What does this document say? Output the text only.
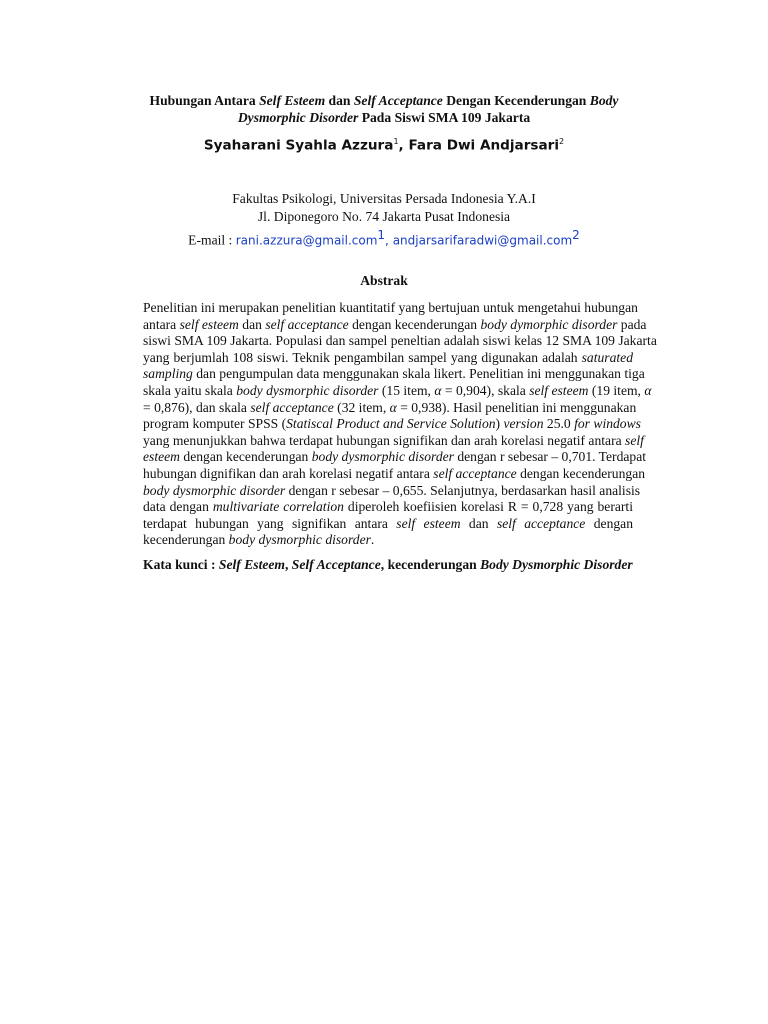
Hubungan Antara Self Esteem dan Self Acceptance Dengan Kecenderungan Body
Dysmorphic Disorder Pada Siswi SMA 109 Jakarta
Syaharani Syahla Azzura$^1$, Fara Dwi Andjarsari$^2$
Fakultas Psikologi, Universitas Persada Indonesia Y.A.I
Jl. Diponegoro No. 74 Jakarta Pusat Indonesia
E-mail : rani.azzura@gmail.com$^1$, andjarsarifaradwi@gmail.com$^2$
Abstrak
Penelitian ini merupakan penelitian kuantitatif yang bertujuan untuk mengetahui hubungan
antara self esteem dan self acceptance dengan kecenderungan body dymorphic disorder pada
siswi SMA 109 Jakarta. Populasi dan sampel peneltian adalah siswi kelas 12 SMA 109 Jakarta
yang berjumlah 108 siswi. Teknik pengambilan sampel yang digunakan adalah saturated
sampling dan pengumpulan data menggunakan skala likert. Penelitian ini menggunakan tiga
skala yaitu skala body dysmorphic disorder (15 item, α = 0,904), skala self esteem (19 item, α
= 0,876), dan skala self acceptance (32 item, α = 0,938). Hasil penelitian ini menggunakan
program komputer SPSS (Statiscal Product and Service Solution) version 25.0 for windows
yang menunjukkan bahwa terdapat hubungan signifikan dan arah korelasi negatif antara self
esteem dengan kecenderungan body dysmorphic disorder dengan r sebesar – 0,701. Terdapat
hubungan dignifikan dan arah korelasi negatif antara self acceptance dengan kecenderungan
body dysmorphic disorder dengan r sebesar – 0,655. Selanjutnya, berdasarkan hasil analisis
data dengan multivariate correlation diperoleh koefiisien korelasi R = 0,728 yang berarti
terdapat hubungan yang signifikan antara self esteem dan self acceptance dengan
kecenderungan body dysmorphic disorder.
Kata kunci : Self Esteem, Self Acceptance, kecenderungan Body Dysmorphic Disorder
